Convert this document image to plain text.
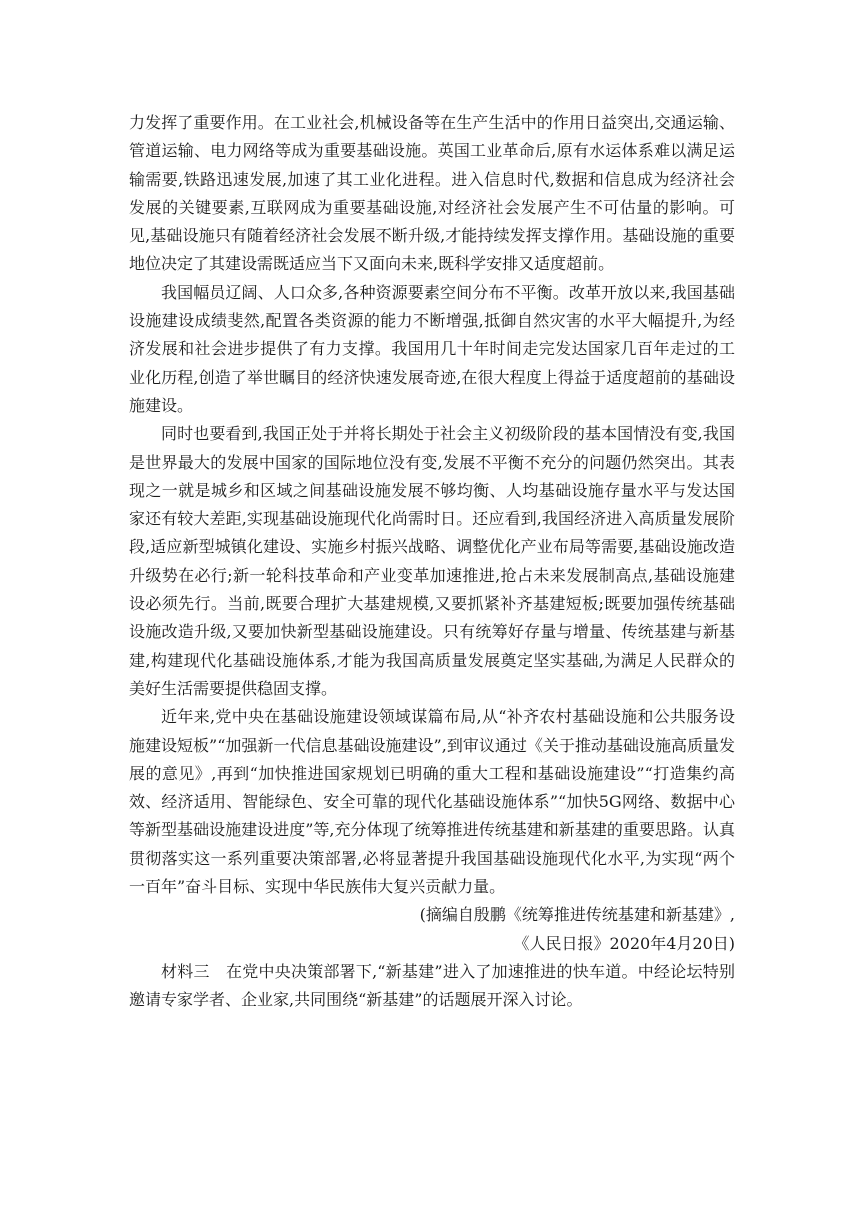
力发挥了重要作用。在工业社会,机械设备等在生产生活中的作用日益突出,交通运输、管道运输、电力网络等成为重要基础设施。英国工业革命后,原有水运体系难以满足运输需要,铁路迅速发展,加速了其工业化进程。进入信息时代,数据和信息成为经济社会发展的关键要素,互联网成为重要基础设施,对经济社会发展产生不可估量的影响。可见,基础设施只有随着经济社会发展不断升级,才能持续发挥支撑作用。基础设施的重要地位决定了其建设需既适应当下又面向未来,既科学安排又适度超前。

我国幅员辽阔、人口众多,各种资源要素空间分布不平衡。改革开放以来,我国基础设施建设成绩斐然,配置各类资源的能力不断增强,抵御自然灾害的水平大幅提升,为经济发展和社会进步提供了有力支撑。我国用几十年时间走完发达国家几百年走过的工业化历程,创造了举世瞩目的经济快速发展奇迹,在很大程度上得益于适度超前的基础设施建设。

同时也要看到,我国正处于并将长期处于社会主义初级阶段的基本国情没有变,我国是世界最大的发展中国家的国际地位没有变,发展不平衡不充分的问题仍然突出。其表现之一就是城乡和区域之间基础设施发展不够均衡、人均基础设施存量水平与发达国家还有较大差距,实现基础设施现代化尚需时日。还应看到,我国经济进入高质量发展阶段,适应新型城镇化建设、实施乡村振兴战略、调整优化产业布局等需要,基础设施改造升级势在必行;新一轮科技革命和产业变革加速推进,抢占未来发展制高点,基础设施建设必须先行。当前,既要合理扩大基建规模,又要抓紧补齐基建短板;既要加强传统基础设施改造升级,又要加快新型基础设施建设。只有统筹好存量与增量、传统基建与新基建,构建现代化基础设施体系,才能为我国高质量发展奠定坚实基础,为满足人民群众的美好生活需要提供稳固支撑。

近年来,党中央在基础设施建设领域谋篇布局,从“补齐农村基础设施和公共服务设施建设短板”“加强新一代信息基础设施建设”,到审议通过《关于推动基础设施高质量发展的意见》,再到“加快推进国家规划已明确的重大工程和基础设施建设”“打造集约高效、经济适用、智能绿色、安全可靠的现代化基础设施体系”“加快5G网络、数据中心等新型基础设施建设进度”等,充分体现了统筹推进传统基建和新基建的重要思路。认真贯彻落实这一系列重要决策部署,必将显著提升我国基础设施现代化水平,为实现“两个一百年”奋斗目标、实现中华民族伟大复兴贡献力量。

(摘编自殷鹏《统筹推进传统基建和新基建》,

《人民日报》2020年4月20日)

材料三　在党中央决策部署下,“新基建”进入了加速推进的快车道。中经论坛特别邀请专家学者、企业家,共同围绕“新基建”的话题展开深入讨论。
